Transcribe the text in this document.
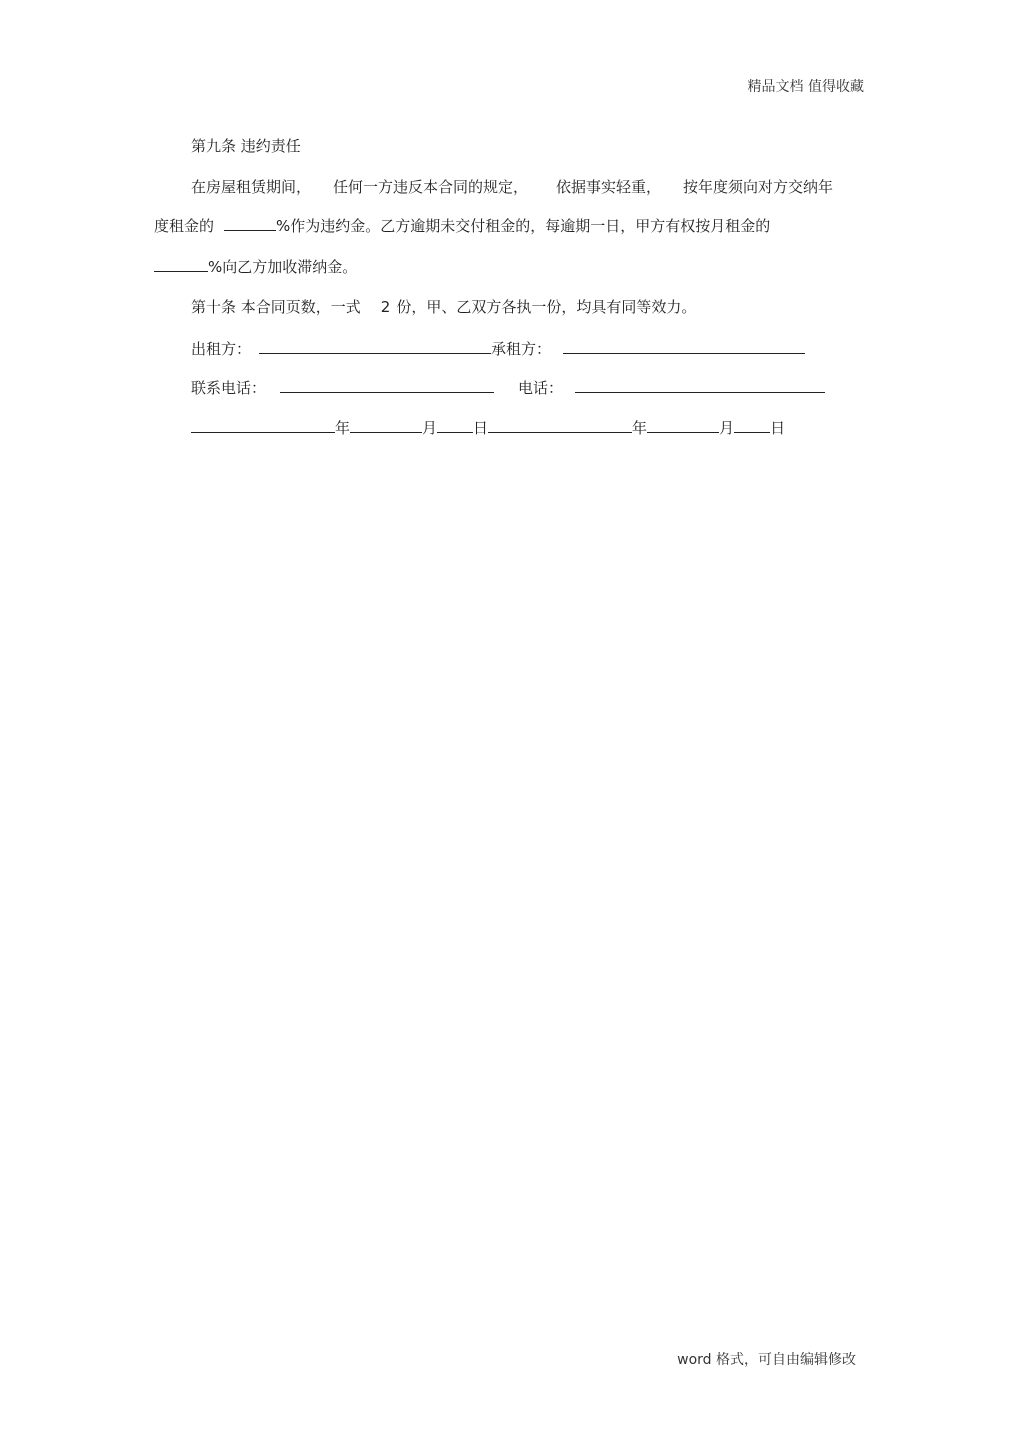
精品文档 值得收藏
第九条 违约责任
在房屋租赁期间， 任何一方违反本合同的规定， 依据事实轻重， 按年度须向对方交纳年
度租金的	%作为违约金。乙方逾期未交付租金的，每逾期一日，甲方有权按月租金的
%向乙方加收滞纳金。
第十条 本合同页数，一式 2 份，甲、乙双方各执一份，均具有同等效力。
出租方：	承租方：
联系电话：	电话：
年	月 日	年	月 日
word 格式，可自由编辑修改
